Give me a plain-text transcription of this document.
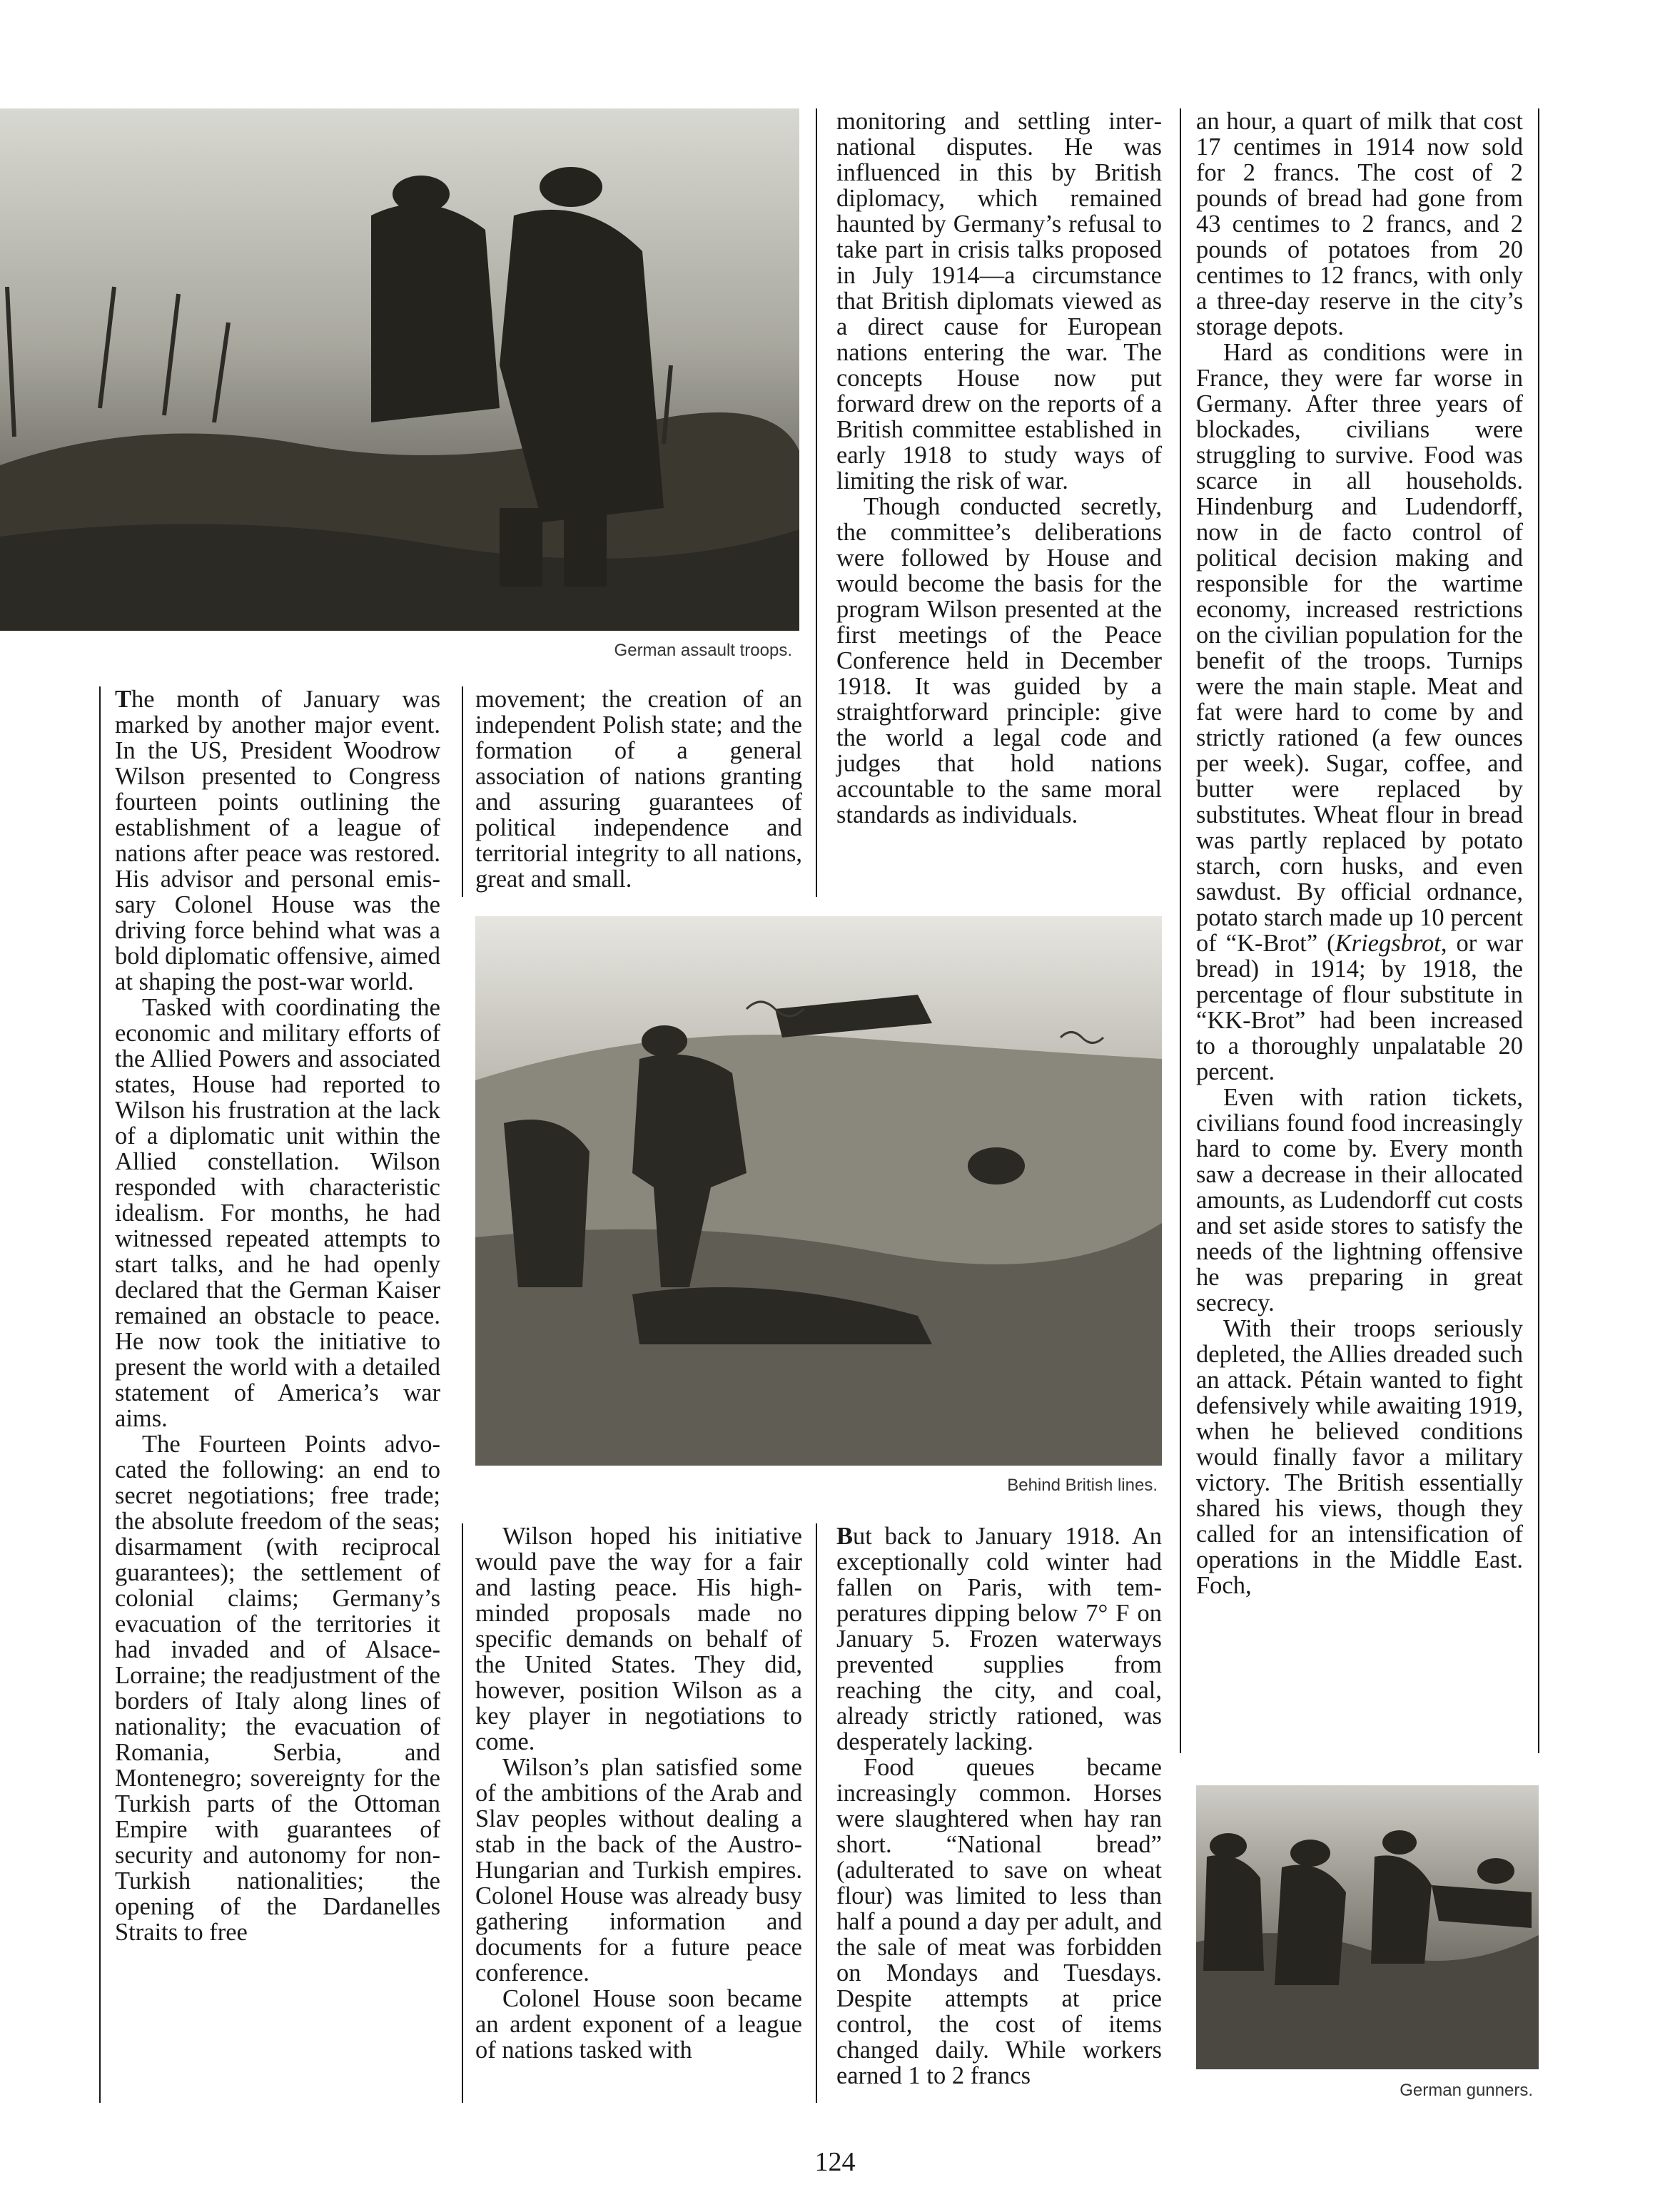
German assault troops.

The month of January was marked by another major event. In the US, President Woodrow Wilson presented to Congress fourteen points outlining the establishment of a league of nations after peace was restored. His advisor and personal emissary Colonel House was the driving force behind what was a bold diplomatic offensive, aimed at shaping the post-war world.

Tasked with coordinating the economic and military efforts of the Allied Powers and associated states, House had reported to Wilson his frustration at the lack of a diplomatic unit within the Allied constellation. Wilson responded with characteristic idealism. For months, he had witnessed repeated attempts to start talks, and he had openly declared that the German Kaiser remained an obstacle to peace. He now took the initiative to present the world with a detailed statement of America’s war aims.

The Fourteen Points advocated the following: an end to secret negotiations; free trade; the absolute freedom of the seas; disarmament (with reciprocal guarantees); the settlement of colonial claims; Germany’s evacuation of the territories it had invaded and of Alsace-Lorraine; the readjustment of the borders of Italy along lines of nationality; the evacuation of Romania, Serbia, and Montenegro; sovereignty for the Turkish parts of the Ottoman Empire with guarantees of security and autonomy for non-Turkish nationalities; the opening of the Dardanelles Straits to free

movement; the creation of an independent Polish state; and the formation of a general association of nations granting and assuring guarantees of political independence and territorial integrity to all nations, great and small.

monitoring and settling international disputes. He was influenced in this by British diplomacy, which remained haunted by Germany’s refusal to take part in crisis talks proposed in July 1914—a circumstance that British diplomats viewed as a direct cause for European nations entering the war. The concepts House now put forward drew on the reports of a British committee established in early 1918 to study ways of limiting the risk of war.

Though conducted secretly, the committee’s deliberations were followed by House and would become the basis for the program Wilson presented at the first meetings of the Peace Conference held in December 1918. It was guided by a straightforward principle: give the world a legal code and judges that hold nations accountable to the same moral standards as individuals.

Behind British lines.

Wilson hoped his initiative would pave the way for a fair and lasting peace. His high-minded proposals made no specific demands on behalf of the United States. They did, however, position Wilson as a key player in negotiations to come.

Wilson’s plan satisfied some of the ambitions of the Arab and Slav peoples without dealing a stab in the back of the Austro-Hungarian and Turkish empires. Colonel House was already busy gathering information and documents for a future peace conference.

Colonel House soon became an ardent exponent of a league of nations tasked with

But back to January 1918. An exceptionally cold winter had fallen on Paris, with temperatures dipping below 7° F on January 5. Frozen waterways prevented supplies from reaching the city, and coal, already strictly rationed, was desperately lacking.

Food queues became increasingly common. Horses were slaughtered when hay ran short. “National bread” (adulterated to save on wheat flour) was limited to less than half a pound a day per adult, and the sale of meat was forbidden on Mondays and Tuesdays. Despite attempts at price control, the cost of items changed daily. While workers earned 1 to 2 francs

an hour, a quart of milk that cost 17 centimes in 1914 now sold for 2 francs. The cost of 2 pounds of bread had gone from 43 centimes to 2 francs, and 2 pounds of potatoes from 20 centimes to 12 francs, with only a three-day reserve in the city’s storage depots.

Hard as conditions were in France, they were far worse in Germany. After three years of blockades, civilians were struggling to survive. Food was scarce in all households. Hindenburg and Ludendorff, now in de facto control of political decision making and responsible for the wartime economy, increased restrictions on the civilian population for the benefit of the troops. Turnips were the main staple. Meat and fat were hard to come by and strictly rationed (a few ounces per week). Sugar, coffee, and butter were replaced by substitutes. Wheat flour in bread was partly replaced by potato starch, corn husks, and even sawdust. By official ordnance, potato starch made up 10 percent of “K-Brot” (Kriegsbrot, or war bread) in 1914; by 1918, the percentage of flour substitute in “KK-Brot” had been increased to a thoroughly unpalatable 20 percent.

Even with ration tickets, civilians found food increasingly hard to come by. Every month saw a decrease in their allocated amounts, as Ludendorff cut costs and set aside stores to satisfy the needs of the lightning offensive he was preparing in great secrecy.

With their troops seriously depleted, the Allies dreaded such an attack. Pétain wanted to fight defensively while awaiting 1919, when he believed conditions would finally favor a military victory. The British essentially shared his views, though they called for an intensification of operations in the Middle East. Foch,

German gunners.
124
